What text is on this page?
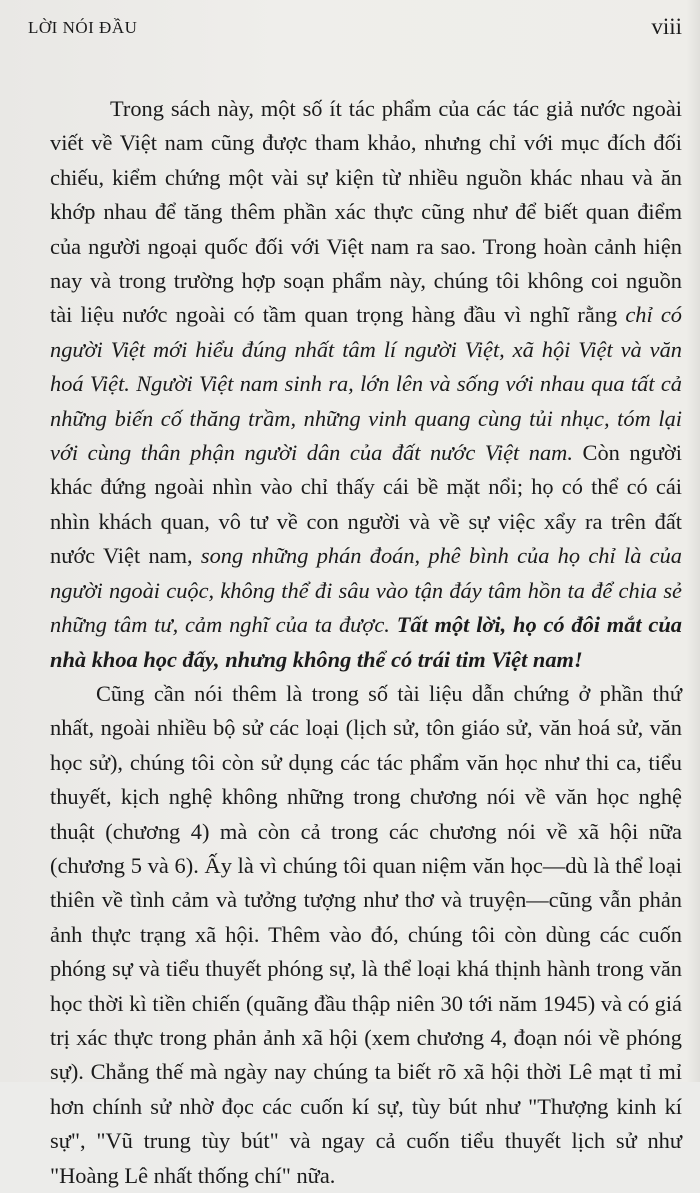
LỜI NÓI ĐẦU	viii

Trong sách này, một số ít tác phẩm của các tác giả nước ngoài viết về Việt nam cũng được tham khảo, nhưng chỉ với mục đích đối chiếu, kiểm chứng một vài sự kiện từ nhiều nguồn khác nhau và ăn khớp nhau để tăng thêm phần xác thực cũng như để biết quan điểm của người ngoại quốc đối với Việt nam ra sao. Trong hoàn cảnh hiện nay và trong trường hợp soạn phẩm này, chúng tôi không coi nguồn tài liệu nước ngoài có tầm quan trọng hàng đầu vì nghĩ rằng chỉ có người Việt mới hiểu đúng nhất tâm lí người Việt, xã hội Việt và văn hoá Việt. Người Việt nam sinh ra, lớn lên và sống với nhau qua tất cả những biến cố thăng trầm, những vinh quang cùng tủi nhục, tóm lại với cùng thân phận người dân của đất nước Việt nam. Còn người khác đứng ngoài nhìn vào chỉ thấy cái bề mặt nổi; họ có thể có cái nhìn khách quan, vô tư về con người và về sự việc xẩy ra trên đất nước Việt nam, song những phán đoán, phê bình của họ chỉ là của người ngoài cuộc, không thể đi sâu vào tận đáy tâm hồn ta để chia sẻ những tâm tư, cảm nghĩ của ta được. Tất một lời, họ có đôi mắt của nhà khoa học đấy, nhưng không thể có trái tim Việt nam!

Cũng cần nói thêm là trong số tài liệu dẫn chứng ở phần thứ nhất, ngoài nhiều bộ sử các loại (lịch sử, tôn giáo sử, văn hoá sử, văn học sử), chúng tôi còn sử dụng các tác phẩm văn học như thi ca, tiểu thuyết, kịch nghệ không những trong chương nói về văn học nghệ thuật (chương 4) mà còn cả trong các chương nói về xã hội nữa (chương 5 và 6). Ấy là vì chúng tôi quan niệm văn học—dù là thể loại thiên về tình cảm và tưởng tượng như thơ và truyện—cũng vẫn phản ảnh thực trạng xã hội. Thêm vào đó, chúng tôi còn dùng các cuốn phóng sự và tiểu thuyết phóng sự, là thể loại khá thịnh hành trong văn học thời kì tiền chiến (quãng đầu thập niên 30 tới năm 1945) và có giá trị xác thực trong phản ảnh xã hội (xem chương 4, đoạn nói về phóng sự). Chẳng thế mà ngày nay chúng ta biết rõ xã hội thời Lê mạt tỉ mỉ hơn chính sử nhờ đọc các cuốn kí sự, tùy bút như "Thượng kinh kí sự", "Vũ trung tùy bút" và ngay cả cuốn tiểu thuyết lịch sử như "Hoàng Lê nhất thống chí" nữa.
